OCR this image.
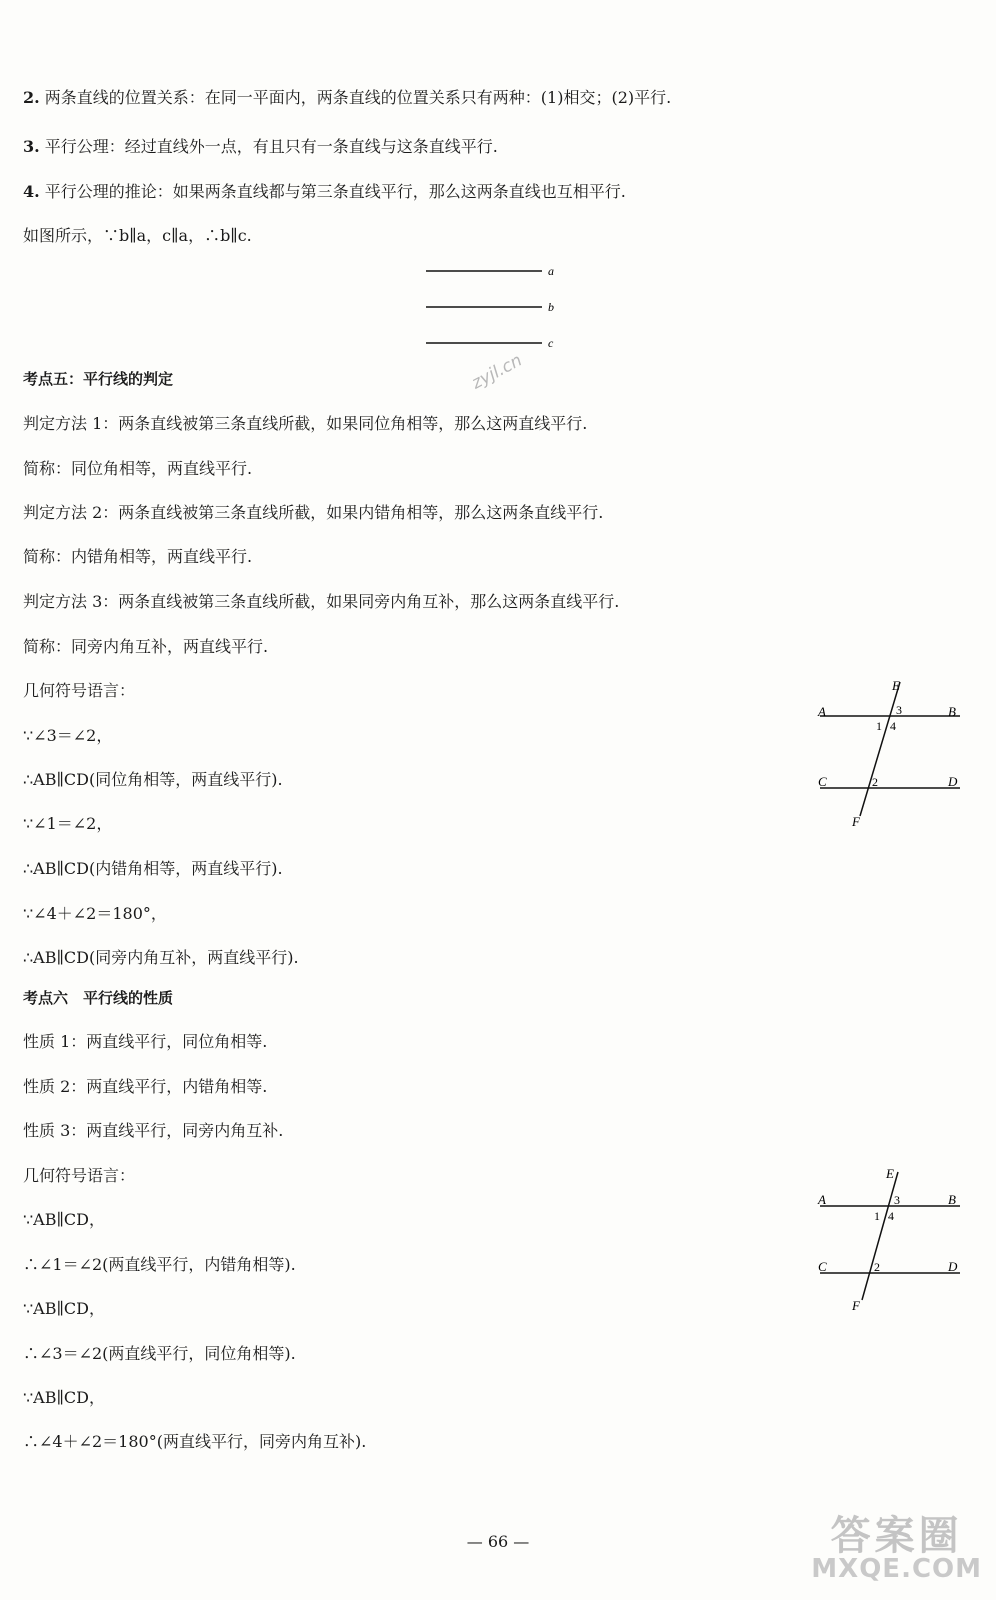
2. 两条直线的位置关系：在同一平面内，两条直线的位置关系只有两种：(1)相交；(2)平行.
3. 平行公理：经过直线外一点，有且只有一条直线与这条直线平行.
4. 平行公理的推论：如果两条直线都与第三条直线平行，那么这两条直线也互相平行.
如图所示，∵b∥a，c∥a，∴b∥c.
a
b
c
zyjl.cn
考点五：平行线的判定
判定方法 1：两条直线被第三条直线所截，如果同位角相等，那么这两直线平行.
简称：同位角相等，两直线平行.
判定方法 2：两条直线被第三条直线所截，如果内错角相等，那么这两条直线平行.
简称：内错角相等，两直线平行.
判定方法 3：两条直线被第三条直线所截，如果同旁内角互补，那么这两条直线平行.
简称：同旁内角互补，两直线平行.
几何符号语言：
∵∠3＝∠2，
∴AB∥CD(同位角相等，两直线平行).
∵∠1＝∠2，
∴AB∥CD(内错角相等，两直线平行).
∵∠4＋∠2＝180°，
∴AB∥CD(同旁内角互补，两直线平行).
E
A	B
3
1 4
C	D
2
F
考点六　平行线的性质
性质 1：两直线平行，同位角相等.
性质 2：两直线平行，内错角相等.
性质 3：两直线平行，同旁内角互补.
几何符号语言：
∵AB∥CD，
∴∠1＝∠2(两直线平行，内错角相等).
∵AB∥CD，
∴∠3＝∠2(两直线平行，同位角相等).
∵AB∥CD，
∴∠4＋∠2＝180°(两直线平行，同旁内角互补).
E
A	B
3
1 4
C	D
2
F
— 66 —	答案圈
MXQE.COM
